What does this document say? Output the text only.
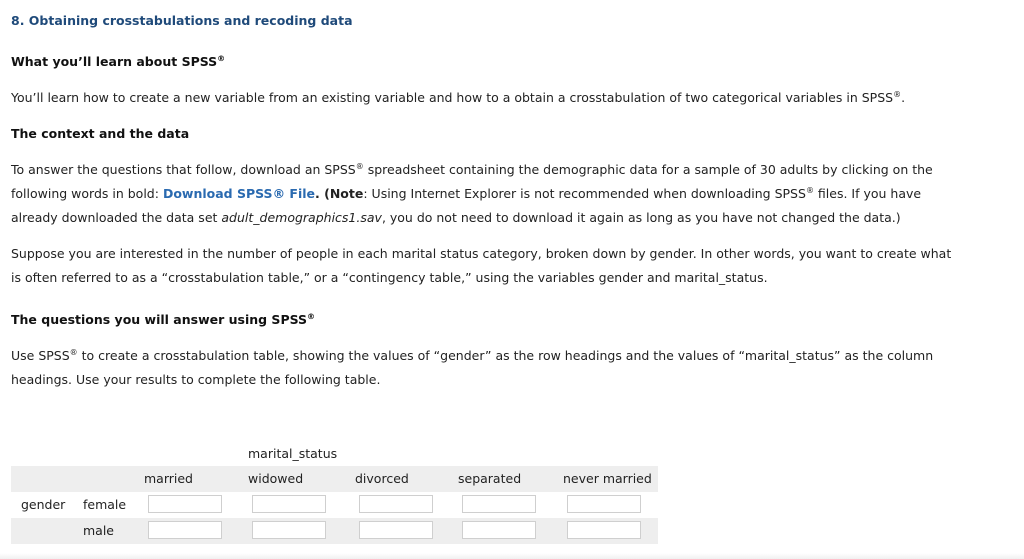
8. Obtaining crosstabulations and recoding data
What you’ll learn about SPSS®

You’ll learn how to create a new variable from an existing variable and how to a obtain a crosstabulation of two categorical variables in SPSS®.

The context and the data

To answer the questions that follow, download an SPSS® spreadsheet containing the demographic data for a sample of 30 adults by clicking on the

following words in bold: Download SPSS® File. (Note: Using Internet Explorer is not recommended when downloading SPSS® files. If you have

already downloaded the data set adult_demographics1.sav, you do not need to download it again as long as you have not changed the data.)

Suppose you are interested in the number of people in each marital status category, broken down by gender. In other words, you want to create what

is often referred to as a “crosstabulation table,” or a “contingency table,” using the variables gender and marital_status.

The questions you will answer using SPSS®

Use SPSS® to create a crosstabulation table, showing the values of “gender” as the row headings and the values of “marital_status” as the column

headings. Use your results to complete the following table.

marital_status
married	widowed	divorced	separated	never married
gender female
male
